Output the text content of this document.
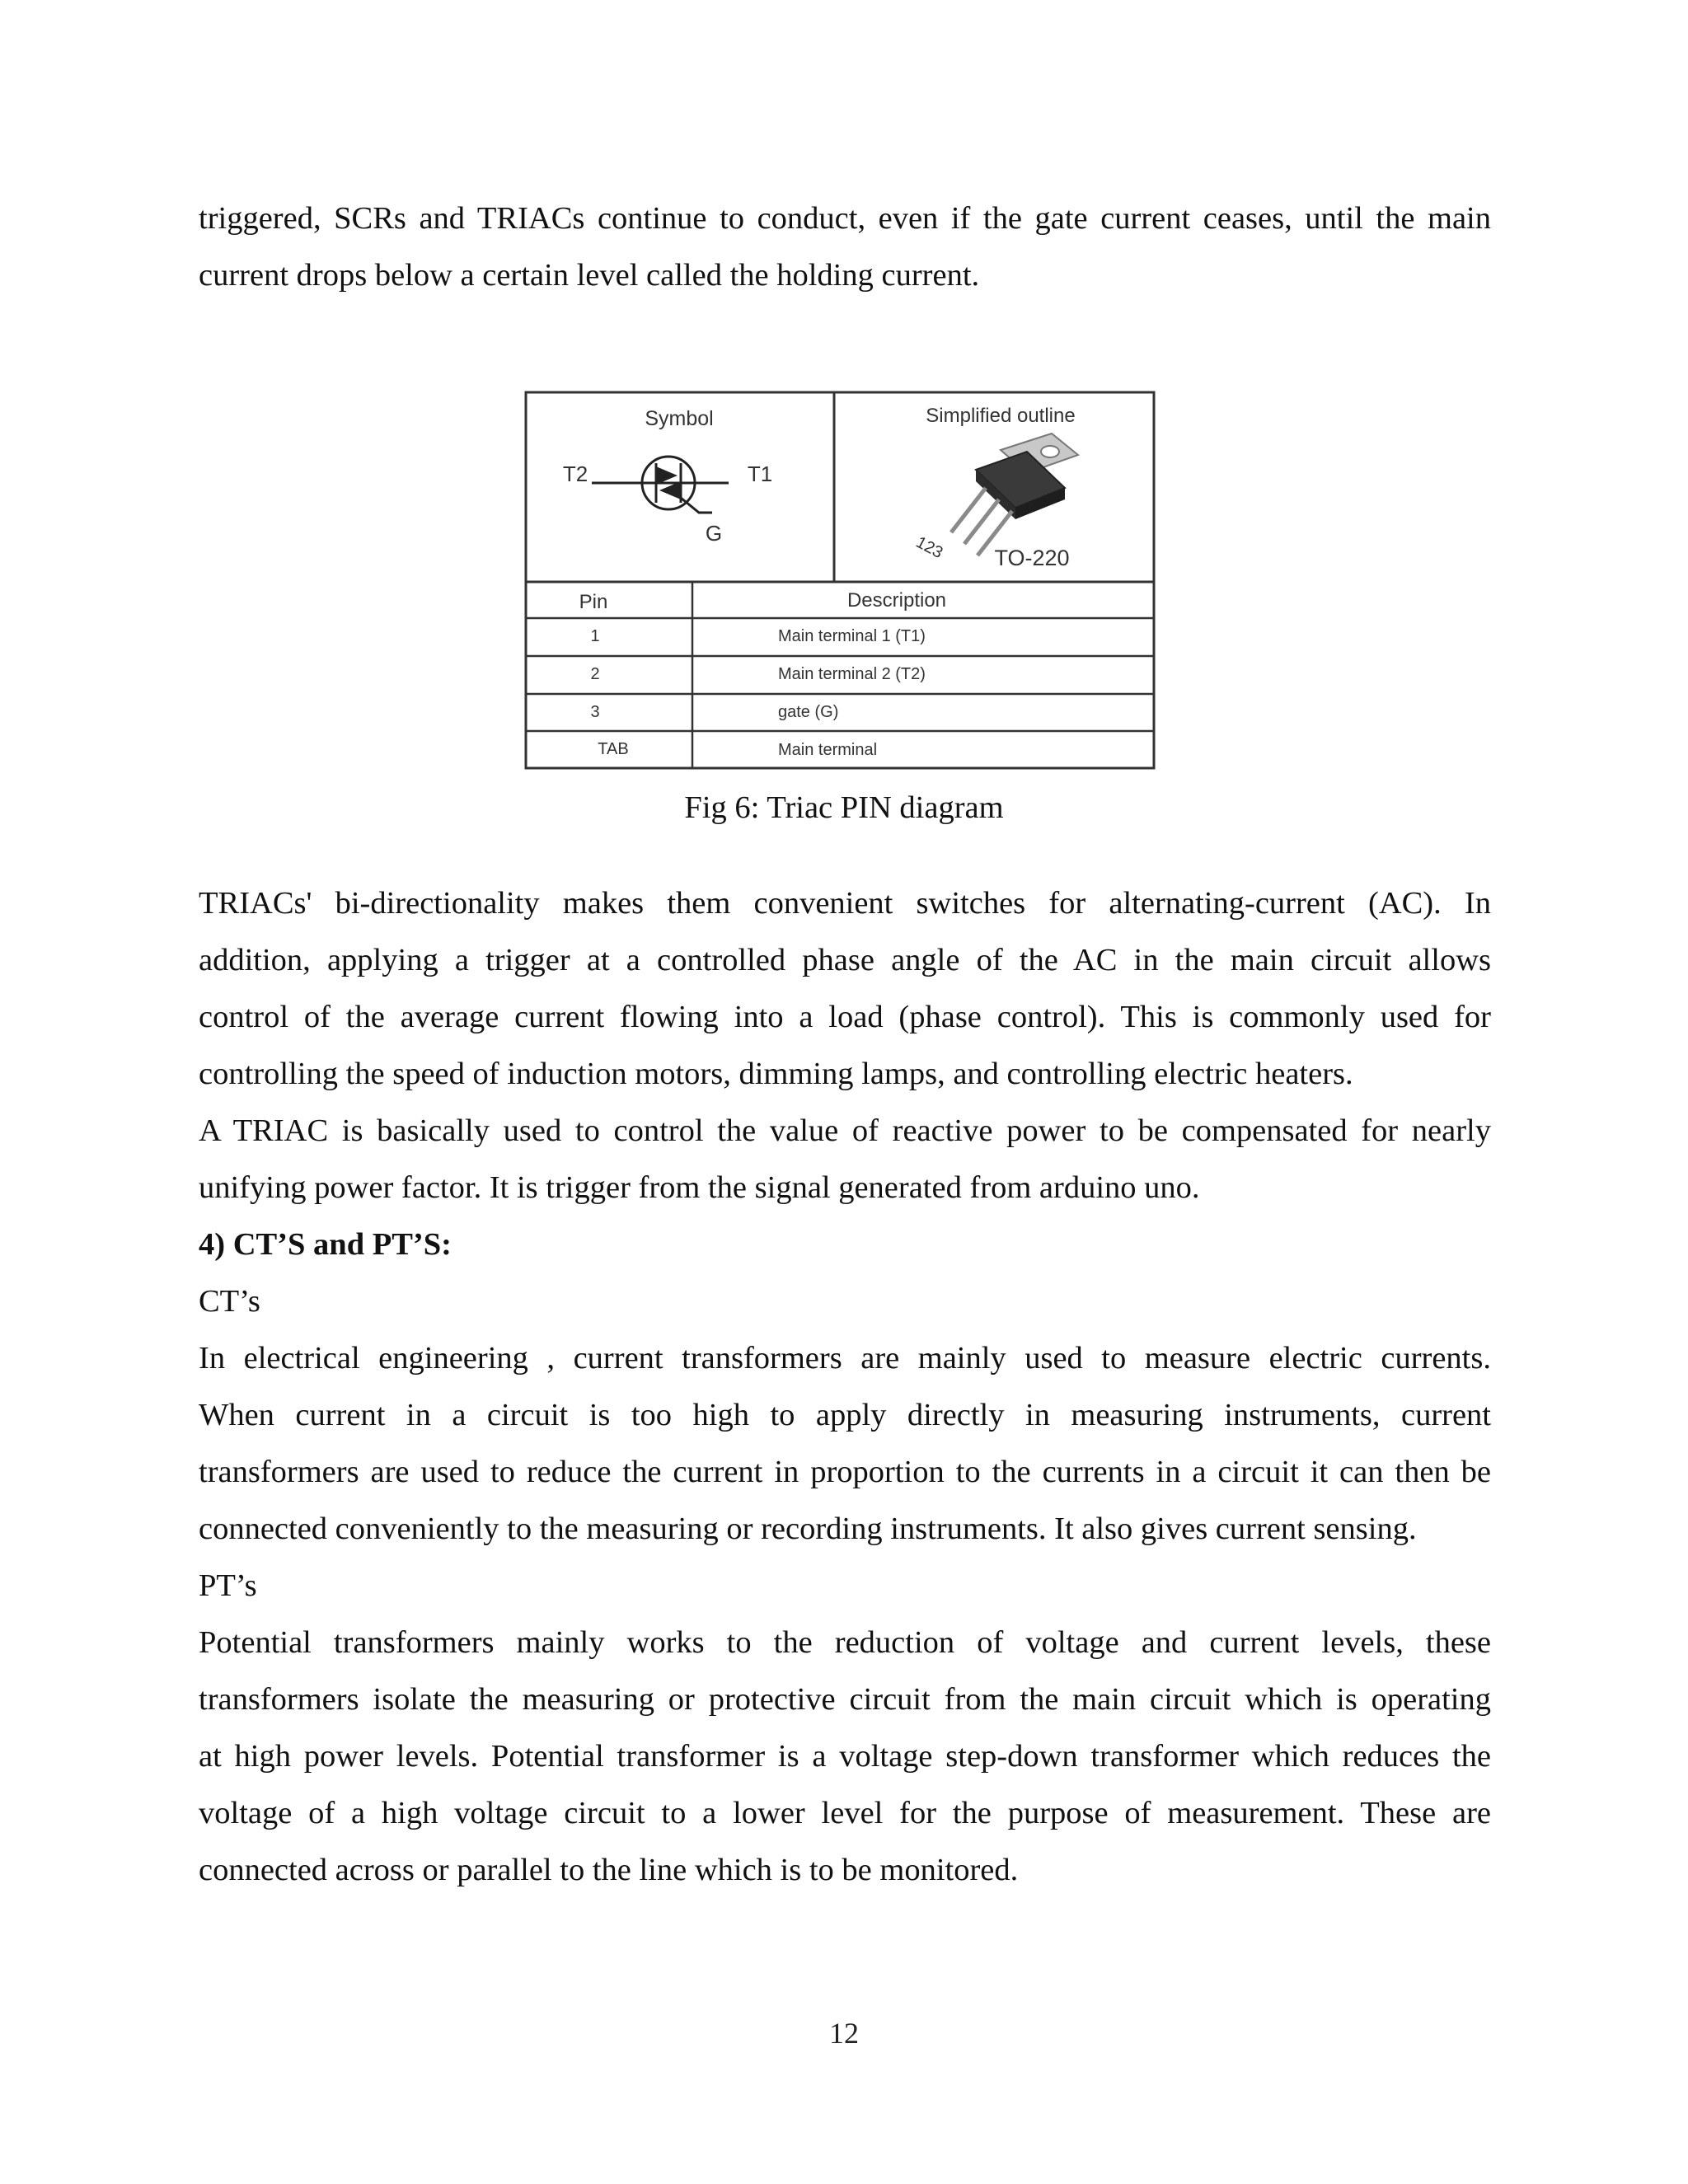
triggered, SCRs and TRIACs continue to conduct, even if the gate current ceases, until the main
current drops below a certain level called the holding current.
Symbol	Simplified outline
T2	T1
G	123 TO-220
Pin	Description
1	Main terminal 1 (T1)
2	Main terminal 2 (T2)
3	gate (G)
TAB	Main terminal
Fig 6: Triac PIN diagram
TRIACs' bi-directionality makes them convenient switches for alternating-current (AC). In
addition, applying a trigger at a controlled phase angle of the AC in the main circuit allows
control of the average current flowing into a load (phase control). This is commonly used for
controlling the speed of induction motors, dimming lamps, and controlling electric heaters.
A TRIAC is basically used to control the value of reactive power to be compensated for nearly
unifying power factor. It is trigger from the signal generated from arduino uno.
4) CT’S and PT’S:
CT’s
In electrical engineering , current transformers are mainly used to measure electric currents.
When current in a circuit is too high to apply directly in measuring instruments, current
transformers are used to reduce the current in proportion to the currents in a circuit it can then be
connected conveniently to the measuring or recording instruments. It also gives current sensing.
PT’s
Potential transformers mainly works to the reduction of voltage and current levels, these
transformers isolate the measuring or protective circuit from the main circuit which is operating
at high power levels. Potential transformer is a voltage step-down transformer which reduces the
voltage of a high voltage circuit to a lower level for the purpose of measurement. These are
connected across or parallel to the line which is to be monitored.
12
